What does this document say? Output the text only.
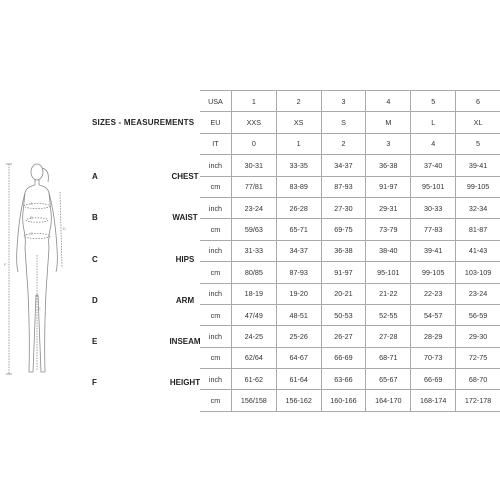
A
B
C
D
E
F
SIZES - MEASUREMENTS
A	CHEST
B	WAIST
C	HIPS
D	ARM
E	INSEAM
F	HEIGHT
USA	1	2	3	4	5	6
EU	XXS	XS	S	M	L	XL
IT	0	1	2	3	4	5
inch	30-31	33-35	34-37	36-38	37-40	39-41
cm	77/81	83-89	87-93	91-97	95-101	99-105
inch	23-24	26-28	27-30	29-31	30-33	32-34
cm	59/63	65-71	69-75	73-79	77-83	81-87
inch	31-33	34-37	36-38	38-40	39-41	41-43
cm	80/85	87-93	91-97	95-101	99-105	103-109
inch	18-19	19-20	20-21	21-22	22-23	23-24
cm	47/49	48-51	50-53	52-55	54-57	56-59
inch	24-25	25-26	26-27	27-28	28-29	29-30
cm	62/64	64-67	66-69	68-71	70-73	72-75
inch	61-62	61-64	63-66	65-67	66-69	68-70
cm	156/158	156-162	160-166	164-170	168-174	172-178
